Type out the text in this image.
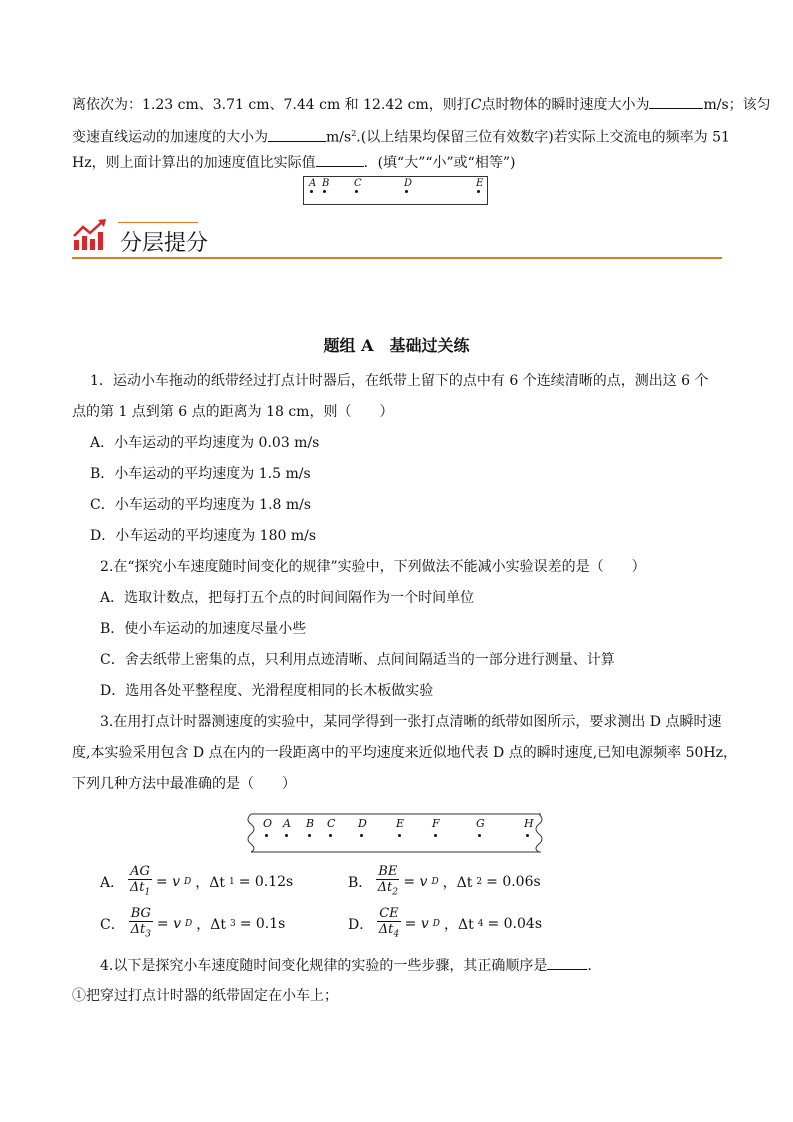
离依次为：1.23 cm、3.71 cm、7.44 cm 和 12.42 cm，则打C点时物体的瞬时速度大小为	m/s；该匀
变速直线运动的加速度的大小为	$m/s^2$.(以上结果均保留三位有效数字)若实际上交流电的频率为 51
Hz，则上面计算出的加速度值比实际值	．(填“大”“小”或“相等”)
A B C	D	E
分层提分
题组 A　基础过关练
1．运动小车拖动的纸带经过打点计时器后，在纸带上留下的点中有 6 个连续清晰的点，测出这 6 个
点的第 1 点到第 6 点的距离为 18 cm，则（　　）
A．小车运动的平均速度为 0.03 m/s
B．小车运动的平均速度为 1.5 m/s
C．小车运动的平均速度为 1.8 m/s
D．小车运动的平均速度为 180 m/s
2.在“探究小车速度随时间变化的规律”实验中，下列做法不能减小实验误差的是（　　）
A．选取计数点，把每打五个点的时间间隔作为一个时间单位
B．使小车运动的加速度尽量小些
C．舍去纸带上密集的点，只利用点迹清晰、点间间隔适当的一部分进行测量、计算
D．选用各处平整程度、光滑程度相同的长木板做实验
3.在用打点计时器测速度的实验中，某同学得到一张打点清晰的纸带如图所示，要求测出 D 点瞬时速
度,本实验采用包含 D 点在内的一段距离中的平均速度来近似地代表 D 点的瞬时速度,已知电源频率 50Hz，
下列几种方法中最准确的是（　　）
O A B C D	E	F	G	H
A． $\frac{AG}{\Delta t_1} = v$ D ，Δt 1 = 0.12s	B． $\frac{BE}{\Delta t_2} = v$ D ，Δt 2 = 0.06s
C． $\frac{BG}{\Delta t_3} = v$ D ，Δt 3 = 0.1s	D． $\frac{CE}{\Delta t_4} = v$ D ，Δt 4 = 0.04s
4.以下是探究小车速度随时间变化规律的实验的一些步骤，其正确顺序是	.
①把穿过打点计时器的纸带固定在小车上；
